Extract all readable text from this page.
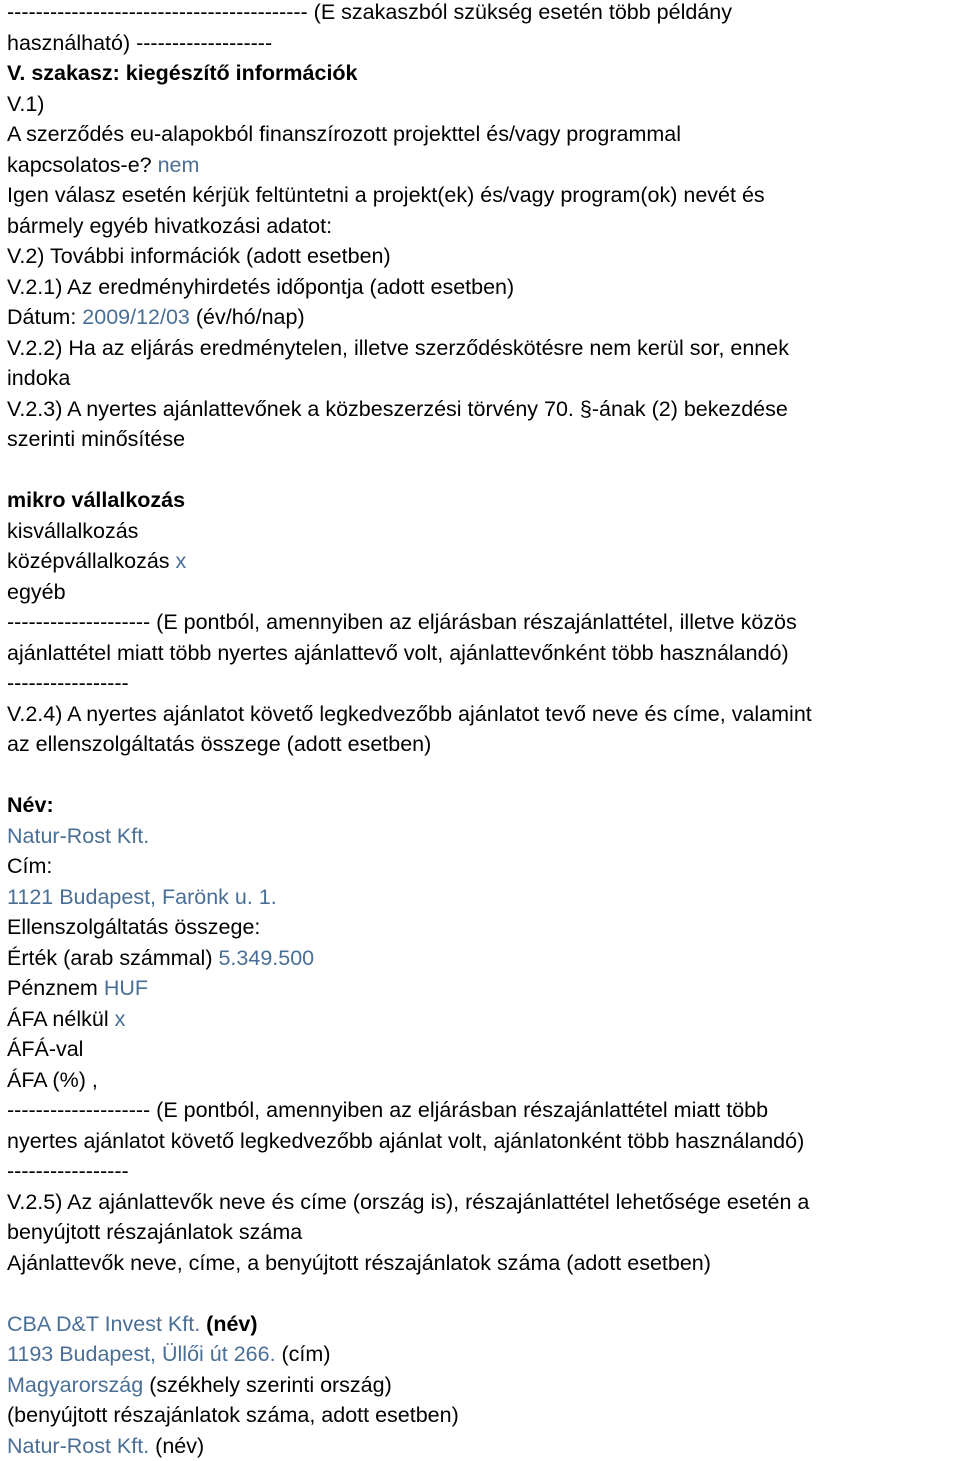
------------------------------------------ (E szakaszból szükség esetén több példány
használható) -------------------
V. szakasz: kiegészítő információk
V.1)
A szerződés eu-alapokból finanszírozott projekttel és/vagy programmal
kapcsolatos-e? nem
Igen válasz esetén kérjük feltüntetni a projekt(ek) és/vagy program(ok) nevét és
bármely egyéb hivatkozási adatot:
V.2) További információk (adott esetben)
V.2.1) Az eredményhirdetés időpontja (adott esetben)
Dátum: 2009/12/03 (év/hó/nap)
V.2.2) Ha az eljárás eredménytelen, illetve szerződéskötésre nem kerül sor, ennek
indoka
V.2.3) A nyertes ajánlattevőnek a közbeszerzési törvény 70. §-ának (2) bekezdése
szerinti minősítése
mikro vállalkozás
kisvállalkozás
középvállalkozás x
egyéb
-------------------- (E pontból, amennyiben az eljárásban részajánlattétel, illetve közös
ajánlattétel miatt több nyertes ajánlattevő volt, ajánlattevőnként több használandó)
-----------------
V.2.4) A nyertes ajánlatot követő legkedvezőbb ajánlatot tevő neve és címe, valamint
az ellenszolgáltatás összege (adott esetben)
Név:
Natur-Rost Kft.
Cím:
1121 Budapest, Farönk u. 1.
Ellenszolgáltatás összege:
Érték (arab számmal) 5.349.500
Pénznem HUF
ÁFA nélkül x
ÁFÁ-val
ÁFA (%) ,
-------------------- (E pontból, amennyiben az eljárásban részajánlattétel miatt több
nyertes ajánlatot követő legkedvezőbb ajánlat volt, ajánlatonként több használandó)
-----------------
V.2.5) Az ajánlattevők neve és címe (ország is), részajánlattétel lehetősége esetén a
benyújtott részajánlatok száma
Ajánlattevők neve, címe, a benyújtott részajánlatok száma (adott esetben)
CBA D&T Invest Kft. (név)
1193 Budapest, Üllői út 266. (cím)
Magyarország (székhely szerinti ország)
(benyújtott részajánlatok száma, adott esetben)
Natur-Rost Kft. (név)
